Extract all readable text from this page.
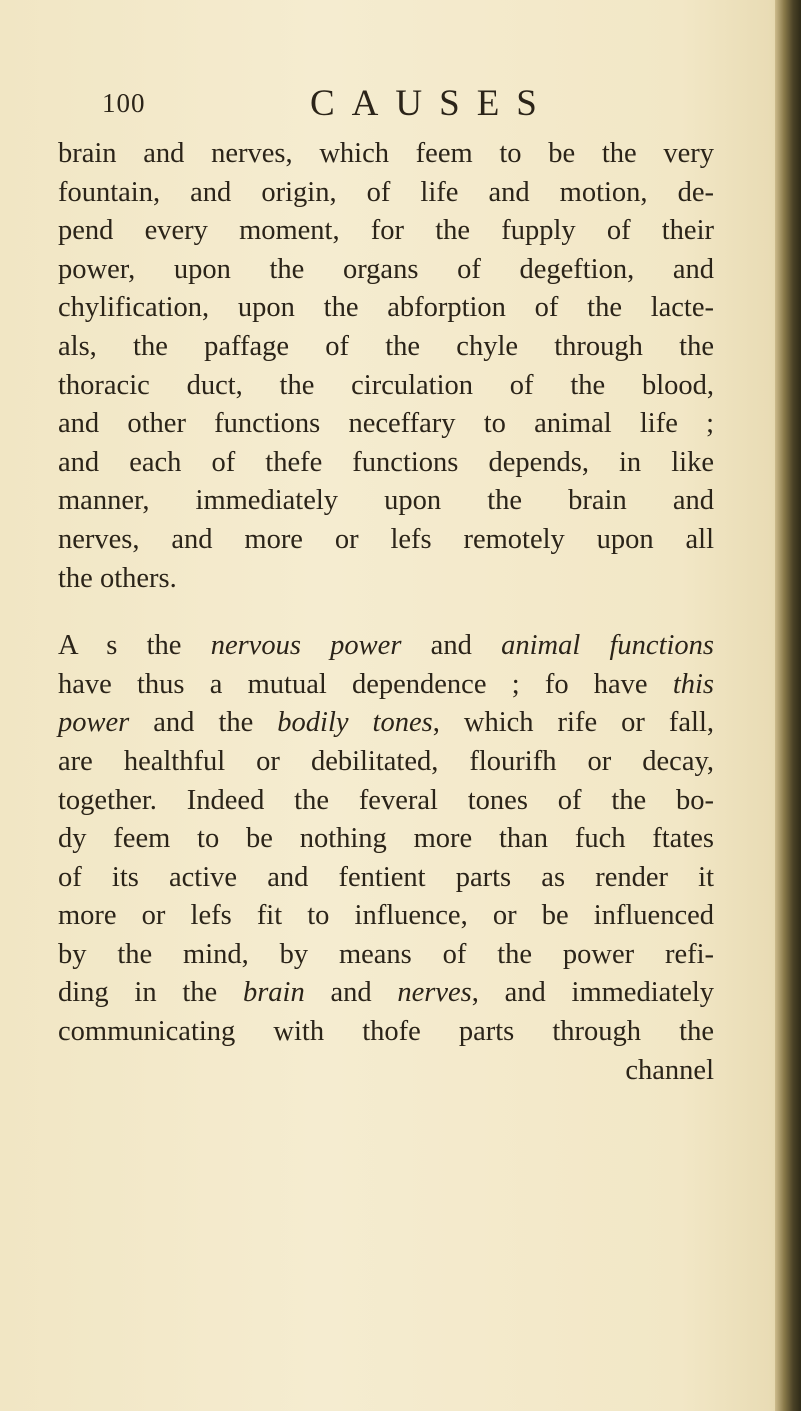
100	CAUSES
brain and nerves, which feem to be the very
fountain, and origin, of life and motion, de-
pend every moment, for the fupply of their
power, upon the organs of degeftion, and
chylification, upon the abforption of the lacte-
als, the paffage of the chyle through the
thoracic duct, the circulation of the blood,
and other functions neceffary to animal life ;
and each of thefe functions depends, in like
manner, immediately upon the brain and
nerves, and more or lefs remotely upon all
the others.
A s the nervous power and animal functions
have thus a mutual dependence ; fo have this
power and the bodily tones, which rife or fall,
are healthful or debilitated, flourifh or decay,
together. Indeed the feveral tones of the bo-
dy feem to be nothing more than fuch ftates
of its active and fentient parts as render it
more or lefs fit to influence, or be influenced
by the mind, by means of the power refi-
ding in the brain and nerves, and immediately
communicating with thofe parts through the
channel
